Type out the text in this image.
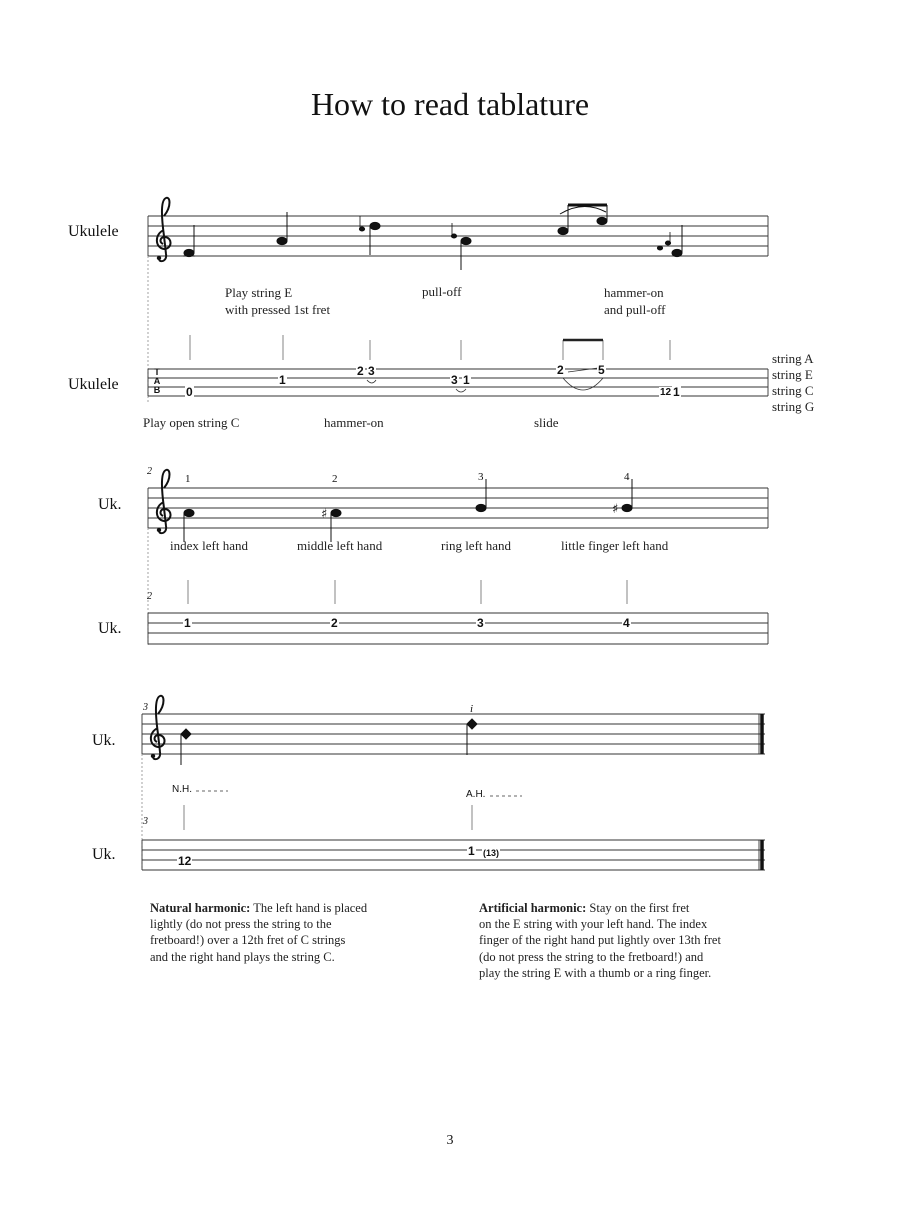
How to read tablature
♯	♯
Ukulele
Ukulele
Uk.
Uk.
Uk.
Uk.
T
A
B
Play string E
with pressed 1st fret
pull-off	hammer-on
and pull-off
0
1
2 3
3 1
2	5
12 1
string A
string E
string C
string G
Play open string C	hammer-on	slide
2
2
1	2	3	4
index left hand	middle left hand	ring left hand	little finger left hand
1	2	3	4
3
3
i
N.H.	A.H.
12
1 (13)
Natural harmonic: The left hand is placed
lightly (do not press the string to the
fretboard!) over a 12th fret of C strings
and the right hand plays the string C.
Artificial harmonic: Stay on the first fret
on the E string with your left hand. The index
finger of the right hand put lightly over 13th fret
(do not press the string to the fretboard!) and
play the string E with a thumb or a ring finger.
3
